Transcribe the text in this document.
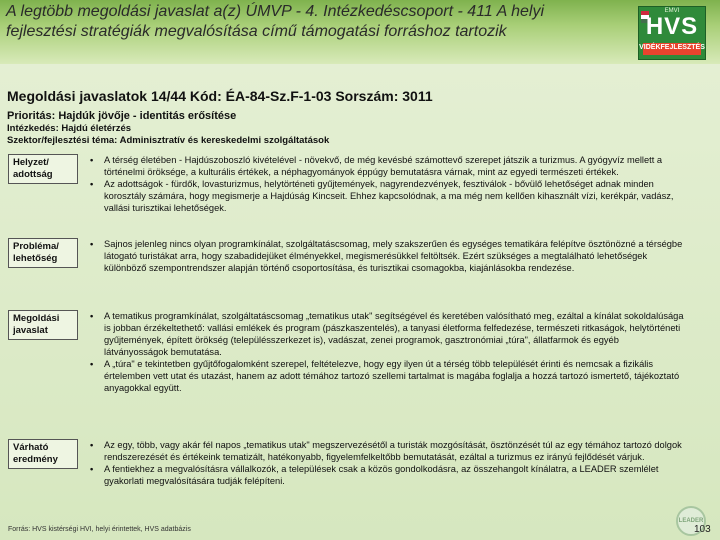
A legtöbb megoldási javaslat a(z) ÚMVP - 4. Intézkedéscsoport - 411 A helyi fejlesztési stratégiák megvalósítása című támogatási forráshoz tartozik
EMVI
HVS
VIDÉKFEJLESZTÉS
Megoldási javaslatok 14/44 Kód: ÉA-84-Sz.F-1-03 Sorszám: 3011
Prioritás: Hajdúk jövője - identitás erősítése
Intézkedés: Hajdú életérzés
Szektor/fejlesztési téma: Adminisztratív és kereskedelmi szolgáltatások
Helyzet/ adottság
• A térség életében - Hajdúszoboszló kivételével - növekvő, de még kevésbé számottevő szerepet játszik a turizmus. A gyógyvíz mellett a történelmi öröksége, a kulturális értékek, a néphagyományok éppúgy bemutatásra várnak, mint az egyedi természeti értékek.
• Az adottságok - fürdők, lovasturizmus, helytörténeti gyűjtemények, nagyrendezvények, fesztiválok - bővülő lehetőséget adnak minden korosztály számára, hogy megismerje a Hajdúság Kincseit. Ehhez kapcsolódnak, a ma még nem kellően kihasznált vízi, kerékpár, vadász, vallási turisztikai lehetőségek.
Probléma/ lehetőség
• Sajnos jelenleg nincs olyan programkínálat, szolgáltatáscsomag, mely szakszerűen és egységes tematikára felépítve ösztönözné a térségbe látogató turistákat arra, hogy szabadidejüket élményekkel, megismerésükkel feltöltsék. Ezért szükséges a megtalálható lehetőségek különböző szempontrendszer alapján történő csoportosítása, és turisztikai csomagokba, kiajánlásokba rendezése.
Megoldási javaslat
• A tematikus programkínálat, szolgáltatáscsomag „tematikus utak" segítségével és keretében valósítható meg, ezáltal a kínálat sokoldalúsága is jobban érzékeltethető: vallási emlékek és program (pászkaszentelés), a tanyasi életforma felfedezése, természeti ritkaságok, helytörténeti gyűjtemények, épített örökség (településszerkezet is), vadászat, zenei programok, gasztronómiai „túra", állatfarmok és egyéb látványosságok bemutatása.
• A „túra" e tekintetben gyűjtőfogalomként szerepel, feltételezve, hogy egy ilyen út a térség több települését érinti és nemcsak a fizikális értelemben vett utat és utazást, hanem az adott témához tartozó szellemi tartalmat is magába foglalja a hozzá tartozó ismertető, tájékoztató anyagokkal együtt.
Várható eredmény
• Az egy, több, vagy akár fél napos „tematikus utak" megszervezésétől a turisták mozgósítását, ösztönzését túl az egy témához tartozó dolgok rendszerezését és értékeink tematizált, hatékonyabb, figyelemfelkeltőbb bemutatását, ezáltal a turizmus ez irányú fejlődését várjuk.
• A fentiekhez a megvalósításra vállalkozók, a települések csak a közös gondolkodásra, az összehangolt kínálatra, a LEADER szemlélet gyakorlati megvalósítására tudják felépíteni.
Forrás: HVS kistérségi HVI, helyi érintettek, HVS adatbázis
LEADER
103
